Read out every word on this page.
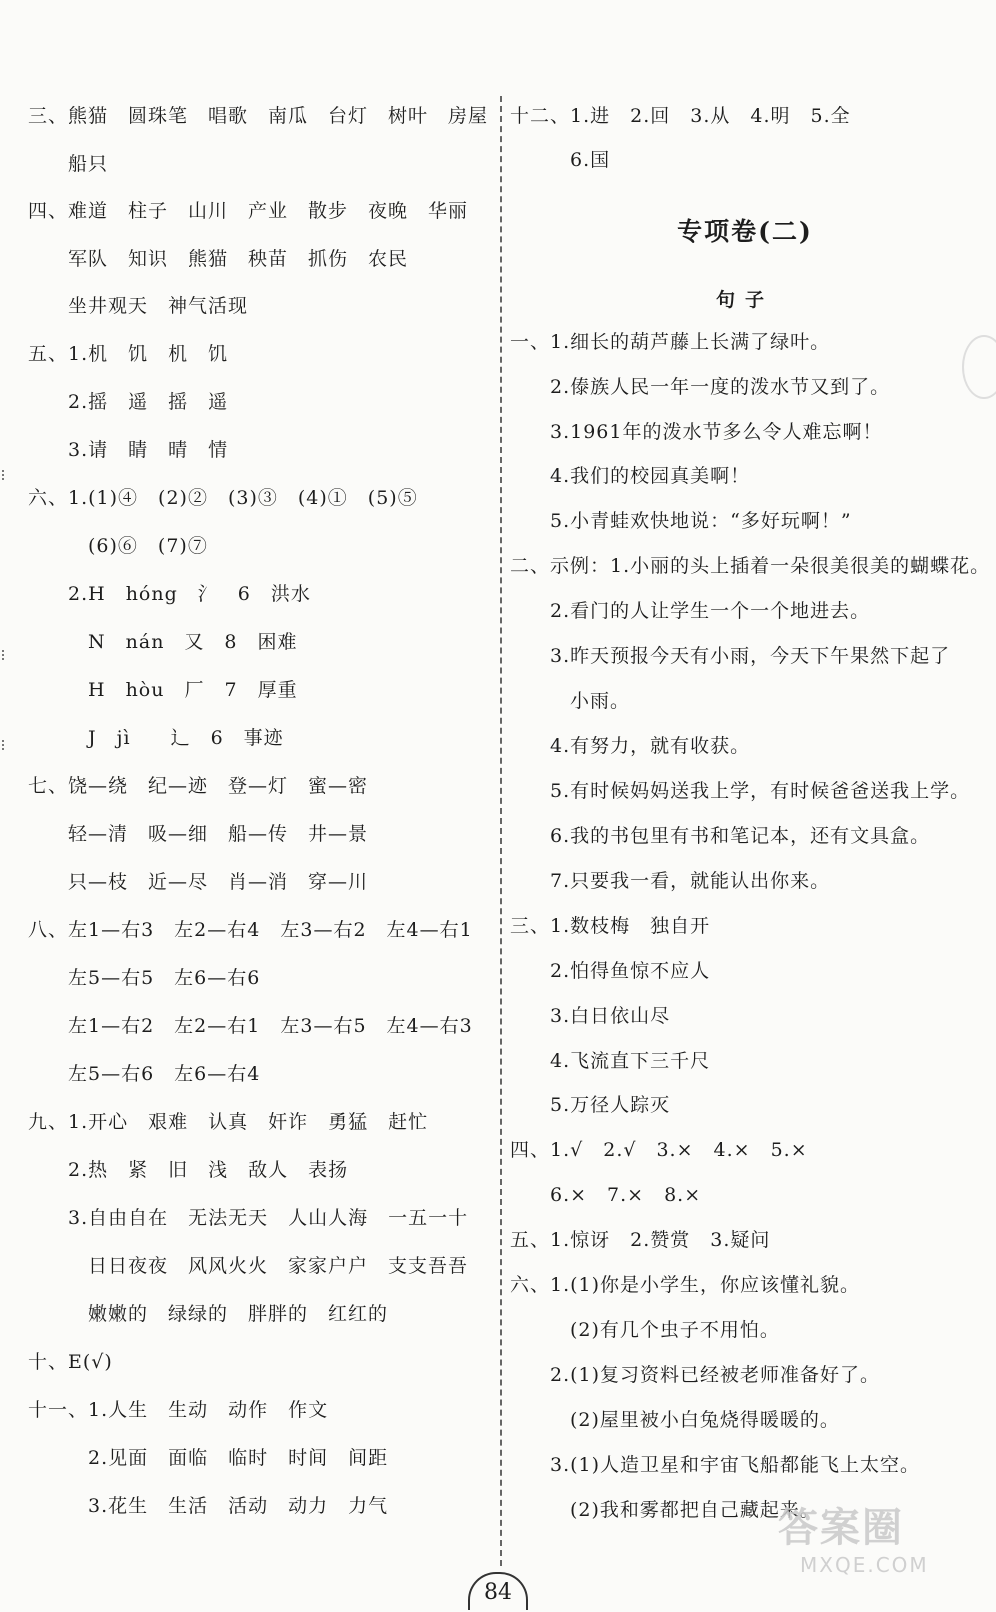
三、熊猫　圆珠笔　唱歌　南瓜　台灯　树叶　房屋
　　船只
四、难道　柱子　山川　产业　散步　夜晚　华丽
　　军队　知识　熊猫　秧苗　抓伤　农民
　　坐井观天　神气活现
五、1.机　饥　机　饥
　　2.摇　遥　摇　遥
　　3.请　睛　晴　情
六、1.(1)④　(2)②　(3)③　(4)①　(5)⑤
　　　(6)⑥　(7)⑦
　　2.H　hóng　氵　6　洪水
　　　N　nán　又　8　困难
　　　H　hòu　厂　7　厚重
　　　J　jì　　辶　6　事迹
七、饶—绕　纪—迹　登—灯　蜜—密
　　轻—清　吸—细　船—传　井—景
　　只—枝　近—尽　肖—消　穿—川
八、左1—右3　左2—右4　左3—右2　左4—右1
　　左5—右5　左6—右6
　　左1—右2　左2—右1　左3—右5　左4—右3
　　左5—右6　左6—右4
九、1.开心　艰难　认真　奸诈　勇猛　赶忙
　　2.热　紧　旧　浅　敌人　表扬
　　3.自由自在　无法无天　人山人海　一五一十
　　　日日夜夜　风风火火　家家户户　支支吾吾
　　　嫩嫩的　绿绿的　胖胖的　红红的
十、E(√)
十一、1.人生　生动　动作　作文
　　　2.见面　面临　临时　时间　间距
　　　3.花生　生活　活动　动力　力气
十二、1.进　2.回　3.从　4.明　5.全
　　　6.国
专项卷(二)
句子
一、1.细长的葫芦藤上长满了绿叶。
　　2.傣族人民一年一度的泼水节又到了。
　　3.1961年的泼水节多么令人难忘啊！
　　4.我们的校园真美啊！
　　5.小青蛙欢快地说：“多好玩啊！”
二、示例：1.小丽的头上插着一朵很美很美的蝴蝶花。
　　2.看门的人让学生一个一个地进去。
　　3.昨天预报今天有小雨，今天下午果然下起了
　　　小雨。
　　4.有努力，就有收获。
　　5.有时候妈妈送我上学，有时候爸爸送我上学。
　　6.我的书包里有书和笔记本，还有文具盒。
　　7.只要我一看，就能认出你来。
三、1.数枝梅　独自开
　　2.怕得鱼惊不应人
　　3.白日依山尽
　　4.飞流直下三千尺
　　5.万径人踪灭
四、1.√　2.√　3.×　4.×　5.×
　　6.×　7.×　8.×
五、1.惊讶　2.赞赏　3.疑问
六、1.(1)你是小学生，你应该懂礼貌。
　　　(2)有几个虫子不用怕。
　　2.(1)复习资料已经被老师准备好了。
　　　(2)屋里被小白兔烧得暖暖的。
　　3.(1)人造卫星和宇宙飞船都能飞上太空。
　　　(2)我和雾都把自己藏起来。
84
答案圈
MXQE.COM
